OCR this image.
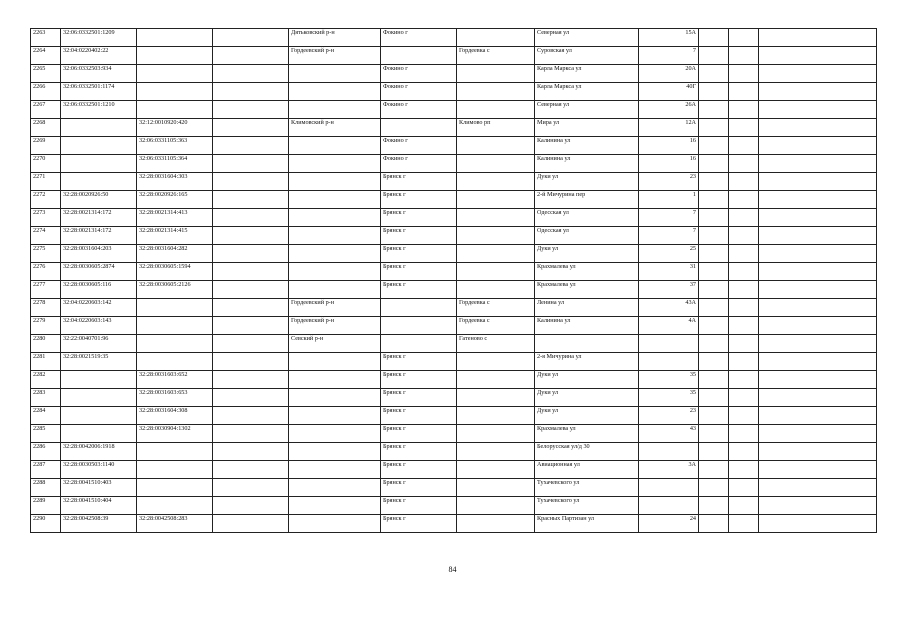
2263	32:06:0332501:1209			Дятьковский р-н	Фокино г		Северная ул	15А			
2264	32:04:0220402:22			Гордеевский р-н		Гордеевка с	Суровская ул	7			
2265	32:06:0332503:934				Фокино г		Карла Маркса ул	20А			
2266	32:06:0332501:1174				Фокино г		Карла Маркса ул	40Г			
2267	32:06:0332501:1210				Фокино г		Северная ул	26А			
2268		32:12:0010920:420		Климовский р-н		Климово рп	Мира ул	12А			
2269		32:06:0331105:363			Фокино г		Калинина ул	16			
2270		32:06:0331105:364			Фокино г		Калинина ул	16			
2271		32:28:0031604:303			Брянск г		Дуки ул	23			
2272	32:28:0020926:50	32:28:0020926:165			Брянск г		2-й Мичурина пер	1			
2273	32:28:0021314:172	32:28:0021314:413			Брянск г		Одесская ул	7			
2274	32:28:0021314:172	32:28:0021314:415			Брянск г		Одесская ул	7			
2275	32:28:0031604:203	32:28:0031604:282			Брянск г		Дуки ул	25			
2276	32:28:0030605:2874	32:28:0030605:1594			Брянск г		Крахмалева ул	31			
2277	32:28:0030605:116	32:28:0030605:2126			Брянск г		Крахмалева ул	37			
2278	32:04:0220603:142			Гордеевский р-н		Гордеевка с	Ленина ул	43А			
2279	32:04:0220603:143			Гордеевский р-н		Гордеевка с	Калинина ул	4А			
2280	32:22:0040701:96			Севский р-н		Гатеново с					
2281	32:28:0021519:35				Брянск г		2-я Мичурина ул				
2282		32:28:0031603:652			Брянск г		Дуки ул	35			
2283		32:28:0031603:653			Брянск г		Дуки ул	35			
2284		32:28:0031604:308			Брянск г		Дуки ул	23			
2285		32:28:0030904:1302			Брянск г		Крахмалева ул	43			
2286	32:28:0042006:1918				Брянск г		Белорусская ул/д 30				
2287	32:28:0030503:1140				Брянск г		Авиационная ул	3А			
2288	32:28:0041510:403				Брянск г		Тухачевского ул				
2289	32:28:0041510:404				Брянск г		Тухачевского ул				
2290	32:28:0042508:39	32:28:0042508:283			Брянск г		Красных Партизан ул	24			
84
